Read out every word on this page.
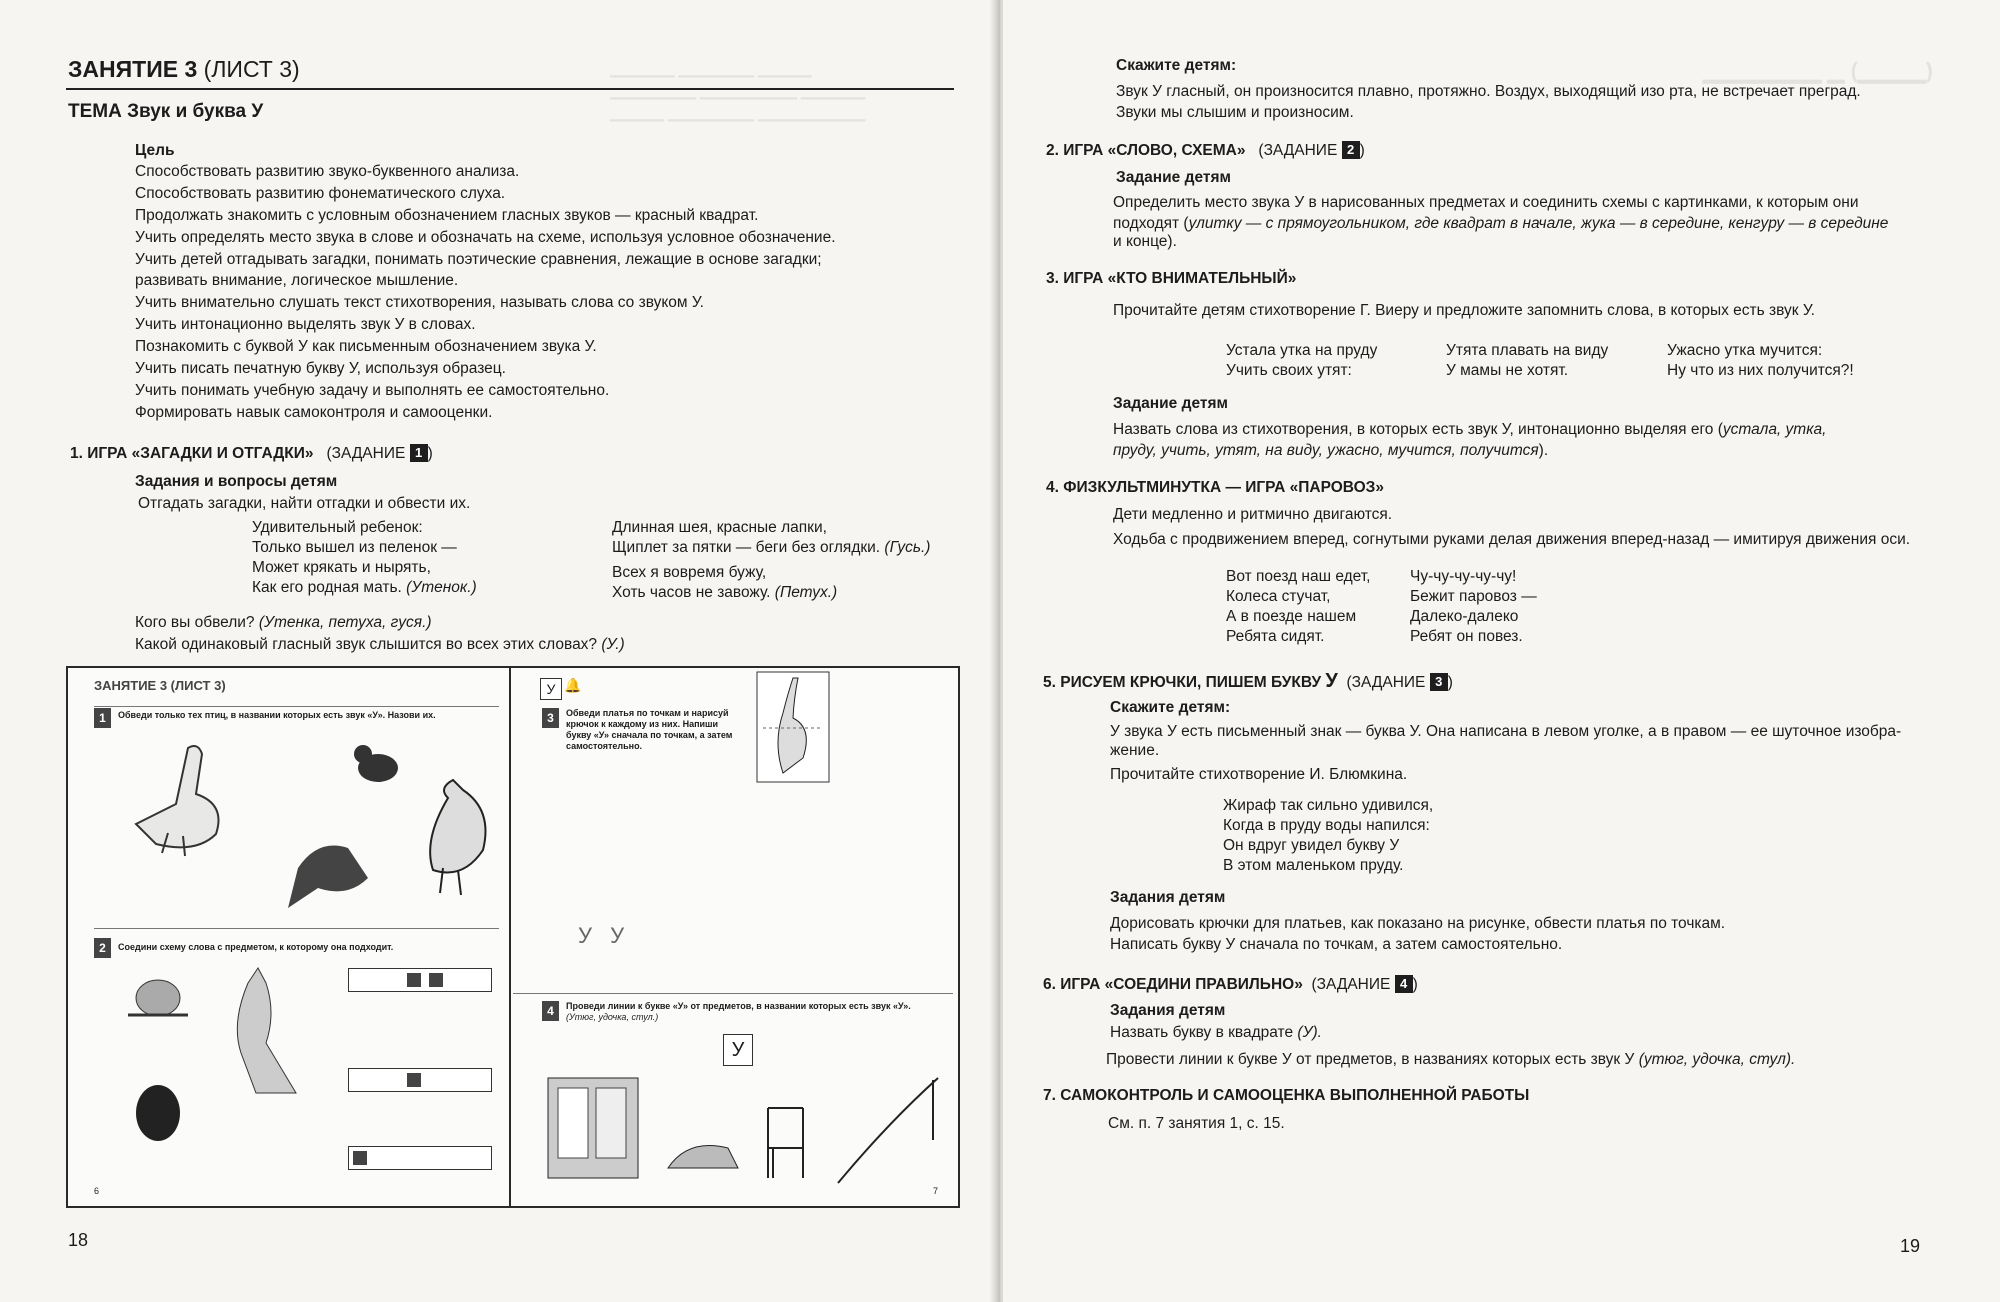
▁▁▁▁▁▁ ▁▁▁▁▁▁▁ ▁▁▁▁▁
▁▁▁▁▁▁▁▁ ▁▁▁▁▁▁▁▁▁ ▁▁▁▁▁▁
▁▁▁▁▁ ▁▁▁▁▁▁▁▁ ▁▁▁▁▁▁▁▁▁▁
ЗАНЯТИЕ 3 (ЛИСТ 3)
ТЕМА Звук и буква У
Цель
Способствовать развитию звуко-буквенного анализа.
Способствовать развитию фонематического слуха.
Продолжать знакомить с условным обозначением гласных звуков — красный квадрат.
Учить определять место звука в слове и обозначать на схеме, используя условное обозначение.
Учить детей отгадывать загадки, понимать поэтические сравнения, лежащие в основе загадки;
развивать внимание, логическое мышление.
Учить внимательно слушать текст стихотворения, называть слова со звуком У.
Учить интонационно выделять звук У в словах.
Познакомить с буквой У как письменным обозначением звука У.
Учить писать печатную букву У, используя образец.
Учить понимать учебную задачу и выполнять ее самостоятельно.
Формировать навык самоконтроля и самооценки.
1. ИГРА «ЗАГАДКИ И ОТГАДКИ» (ЗАДАНИЕ 1 )
Задания и вопросы детям
Отгадать загадки, найти отгадки и обвести их.
Удивительный ребенок:
Только вышел из пеленок —
Может крякать и нырять,
Как его родная мать. (Утенок.)
Длинная шея, красные лапки,
Щиплет за пятки — беги без оглядки. (Гусь.)
Всех я вовремя бужу,
Хоть часов не завожу. (Петух.)
Кого вы обвели? (Утенка, петуха, гуся.)
Какой одинаковый гласный звук слышится во всех этих словах? (У.)
ЗАНЯТИЕ 3 (ЛИСТ 3)
1	Обведи только тех птиц, в названии которых есть звук «У». Назови их.
2	Соедини схему слова с предметом, к которому она подходит.
6
У 🔔
3	Обведи платья по точкам и нарисуй крючок к каждому из них. Напиши букву «У» сначала по точкам, а затем самостоятельно.
У У
4	Проведи линии к букве «У» от предметов, в названии которых есть звук «У».
(Утюг, удочка, стул.)
У
7
18
▁▁▁▁▁▁▁ ▁ (▁▁▁▁)
Скажите детям:
Звук У гласный, он произносится плавно, протяжно. Воздух, выходящий изо рта, не встречает преград.
Звуки мы слышим и произносим.
2. ИГРА «СЛОВО, СХЕМА» (ЗАДАНИЕ 2 )
Задание детям
Определить место звука У в нарисованных предметах и соединить схемы с картинками, к которым они
подходят (улитку — с прямоугольником, где квадрат в начале, жука — в середине, кенгуру — в середине
и конце).
3. ИГРА «КТО ВНИМАТЕЛЬНЫЙ»
Прочитайте детям стихотворение Г. Виеру и предложите запомнить слова, в которых есть звук У.
Устала утка на пруду
Учить своих утят:
Утята плавать на виду
У мамы не хотят.
Ужасно утка мучится:
Ну что из них получится?!
Задание детям
Назвать слова из стихотворения, в которых есть звук У, интонационно выделяя его (устала, утка,
пруду, учить, утят, на виду, ужасно, мучится, получится).
4. ФИЗКУЛЬТМИНУТКА — ИГРА «ПАРОВОЗ»
Дети медленно и ритмично двигаются.
Ходьба с продвижением вперед, согнутыми руками делая движения вперед-назад — имитируя движения оси.
Вот поезд наш едет,
Колеса стучат,
А в поезде нашем
Ребята сидят.
Чу-чу-чу-чу-чу!
Бежит паровоз —
Далеко-далеко
Ребят он повез.
5. РИСУЕМ КРЮЧКИ, ПИШЕМ БУКВУ У (ЗАДАНИЕ 3 )
Скажите детям:
У звука У есть письменный знак — буква У. Она написана в левом уголке, а в правом — ее шуточное изобра-
жение.
Прочитайте стихотворение И. Блюмкина.
Жираф так сильно удивился,
Когда в пруду воды напился:
Он вдруг увидел букву У
В этом маленьком пруду.
Задания детям
Дорисовать крючки для платьев, как показано на рисунке, обвести платья по точкам.
Написать букву У сначала по точкам, а затем самостоятельно.
6. ИГРА «СОЕДИНИ ПРАВИЛЬНО» (ЗАДАНИЕ 4 )
Задания детям
Назвать букву в квадрате (У).
Провести линии к букве У от предметов, в названиях которых есть звук У (утюг, удочка, стул).
7. САМОКОНТРОЛЬ И САМООЦЕНКА ВЫПОЛНЕННОЙ РАБОТЫ
См. п. 7 занятия 1, с. 15.
19
